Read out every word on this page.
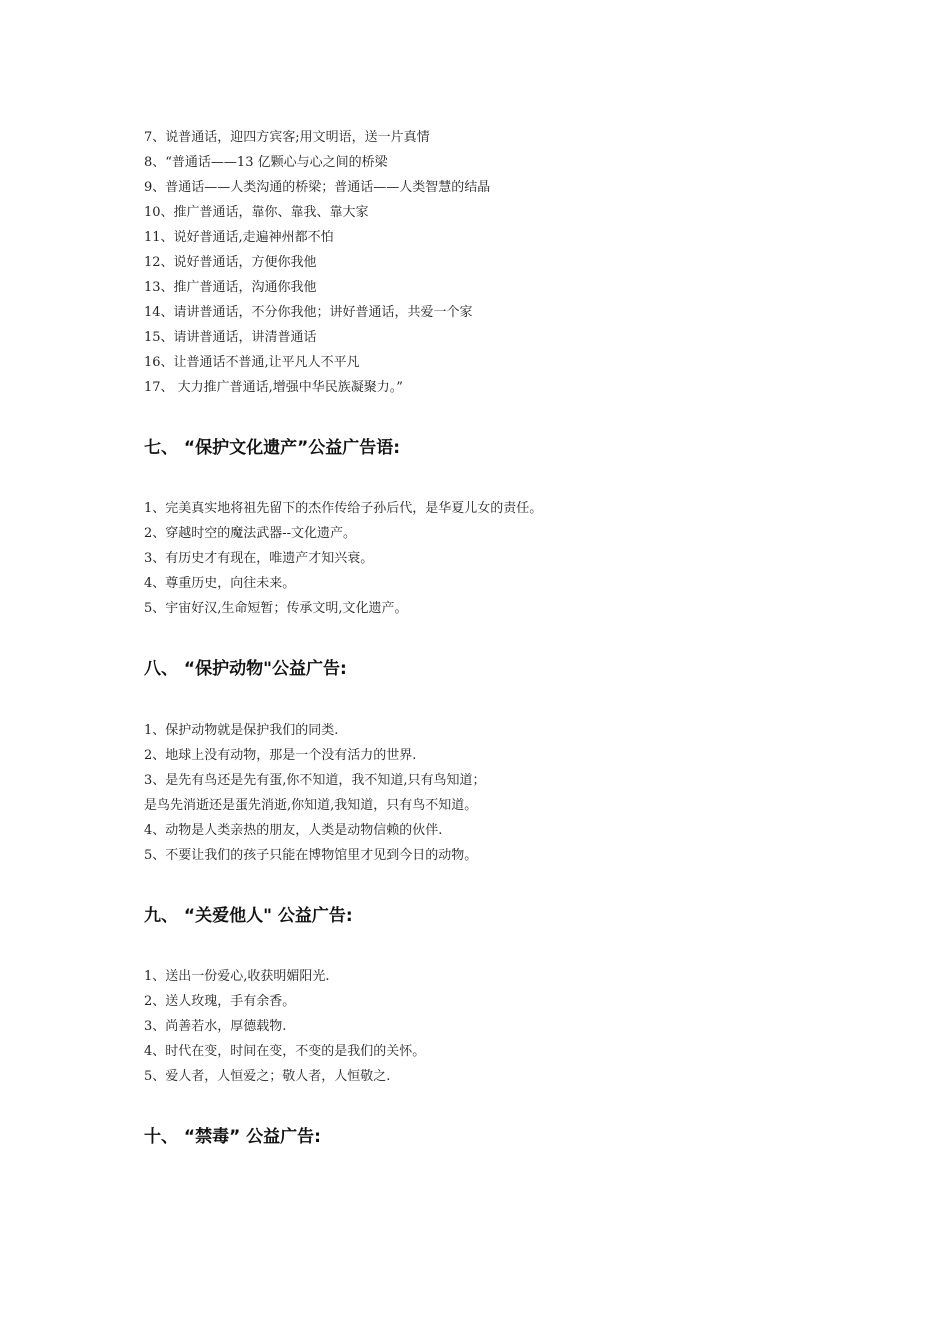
7、说普通话，迎四方宾客;用文明语，送一片真情
8、“普通话——13 亿颗心与心之间的桥梁
9、普通话——人类沟通的桥梁；普通话——人类智慧的结晶
10、推广普通话，靠你、靠我、靠大家
11、说好普通话,走遍神州都不怕
12、说好普通话，方便你我他
13、推广普通话，沟通你我他
14、请讲普通话，不分你我他；讲好普通话，共爱一个家
15、请讲普通话，讲清普通话
16、让普通话不普通,让平凡人不平凡
17、 大力推广普通话,增强中华民族凝聚力。”
七、 “保护文化遗产”公益广告语:
1、完美真实地将祖先留下的杰作传给子孙后代，是华夏儿女的责任。
2、穿越时空的魔法武器--文化遗产。
3、有历史才有现在，唯遗产才知兴衰。
4、尊重历史，向往未来。
5、宇宙好汉,生命短暂；传承文明,文化遗产。
八、 “保护动物"公益广告:
1、保护动物就是保护我们的同类.
2、地球上没有动物，那是一个没有活力的世界.
3、是先有鸟还是先有蛋,你不知道，我不知道,只有鸟知道；
是鸟先消逝还是蛋先消逝,你知道,我知道，只有鸟不知道。
4、动物是人类亲热的朋友，人类是动物信赖的伙伴.
5、不要让我们的孩子只能在博物馆里才见到今日的动物。
九、 “关爱他人" 公益广告:
1、送出一份爱心,收获明媚阳光.
2、送人玫瑰，手有余香。
3、尚善若水，厚德载物.
4、时代在变，时间在变，不变的是我们的关怀。
5、爱人者，人恒爱之；敬人者，人恒敬之.
十、 “禁毒” 公益广告:
